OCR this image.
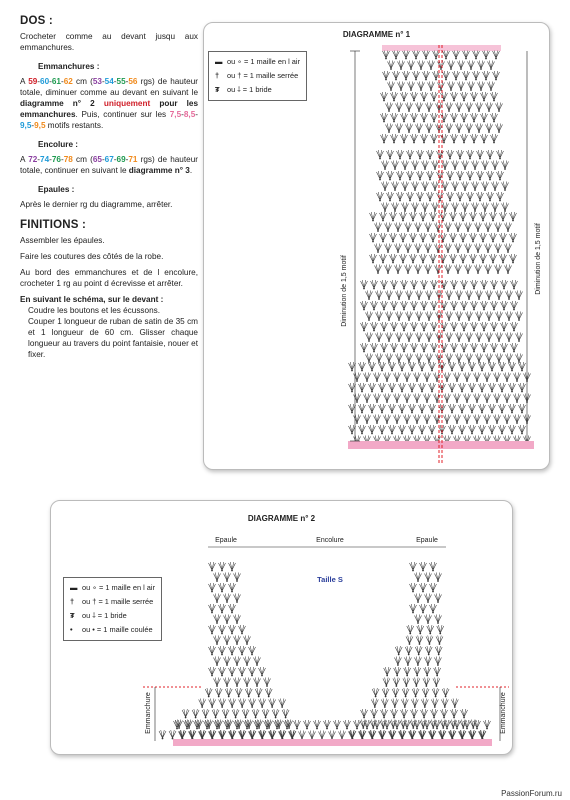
DOS :

Crocheter comme au devant jusqu aux emmanchures.

Emmanchures :

A 59-60-61-62 cm (53-54-55-56 rgs) de hauteur totale, diminuer comme au devant en suivant le diagramme n° 2 uniquement pour les emmanchures. Puis, continuer sur les 7,5-8,5-9,5-9,5 motifs restants.

Encolure :

A 72-74-76-78 cm (65-67-69-71 rgs) de hauteur totale, continuer en suivant le diagramme n° 3.

Epaules :

Après le dernier rg du diagramme, arrêter.

FINITIONS :

Assembler les épaules.

Faire les coutures des côtés de la robe.

Au bord des emmanchures et de l encolure, crocheter 1 rg au point d écrevisse et arrêter.

En suivant le schéma, sur le devant :

Coudre les boutons et les écussons.

Couper 1 longueur de ruban de satin de 35 cm et 1 longueur de 60 cm. Glisser chaque longueur au travers du point fantaisie, nouer et fixer.

DIAGRAMME n° 1
Diminution de 1,5 motif	Diminution de 1,5 motif
▬ ou ∘ = 1 maille en l air
† ou † = 1 maille serrée
₮ ou ⸸ = 1 bride
DIAGRAMME n° 2
Epaule	Encolure	Epaule
Taille S
Emmanchure	Emmanchure
▬ ou ∘ = 1 maille en l air
† ou † = 1 maille serrée
₮ ou ⸸ = 1 bride
• ou • = 1 maille coulée
PassionForum.ru
